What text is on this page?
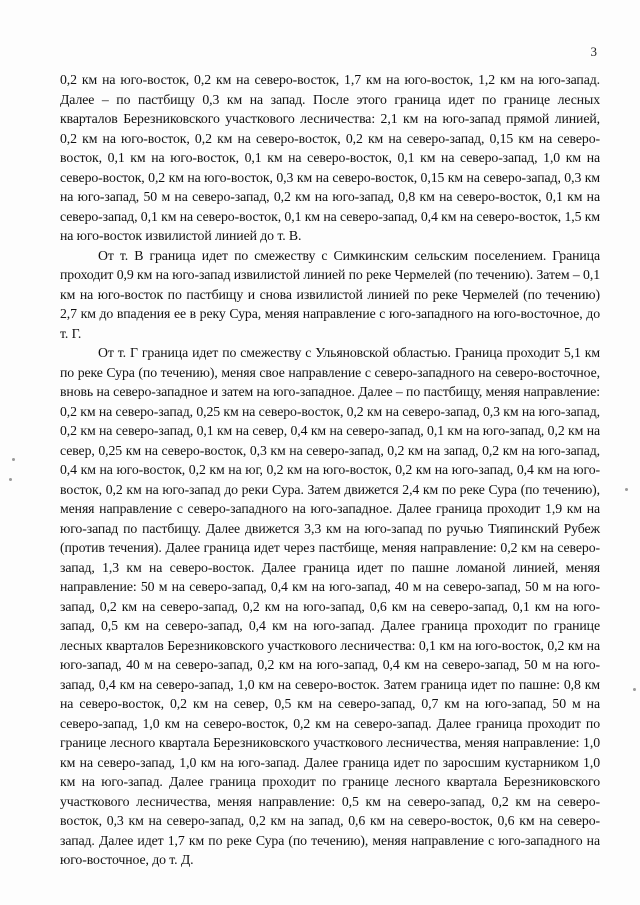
3

0,2 км на юго-восток, 0,2 км на северо-восток, 1,7 км на юго-восток, 1,2 км на юго-запад. Далее – по пастбищу 0,3 км на запад. После этого граница идет по границе лесных кварталов Березниковского участкового лесничества: 2,1 км на юго-запад прямой линией, 0,2 км на юго-восток, 0,2 км на северо-восток, 0,2 км на северо-запад, 0,15 км на северо-восток, 0,1 км на юго-восток, 0,1 км на северо-восток, 0,1 км на северо-запад, 1,0 км на северо-восток, 0,2 км на юго-восток, 0,3 км на северо-восток, 0,15 км на северо-запад, 0,3 км на юго-запад, 50 м на северо-запад, 0,2 км на юго-запад, 0,8 км на северо-восток, 0,1 км на северо-запад, 0,1 км на северо-восток, 0,1 км на северо-запад, 0,4 км на северо-восток, 1,5 км на юго-восток извилистой линией до т. В.

От т. В граница идет по смежеству с Симкинским сельским поселением. Граница проходит 0,9 км на юго-запад извилистой линией по реке Чермелей (по течению). Затем – 0,1 км на юго-восток по пастбищу и снова извилистой линией по реке Чермелей (по течению) 2,7 км до впадения ее в реку Сура, меняя направление с юго-западного на юго-восточное, до т. Г.

От т. Г граница идет по смежеству с Ульяновской областью. Граница проходит 5,1 км по реке Сура (по течению), меняя свое направление с северо-западного на северо-восточное, вновь на северо-западное и затем на юго-западное. Далее – по пастбищу, меняя направление: 0,2 км на северо-запад, 0,25 км на северо-восток, 0,2 км на северо-запад, 0,3 км на юго-запад, 0,2 км на северо-запад, 0,1 км на север, 0,4 км на северо-запад, 0,1 км на юго-запад, 0,2 км на север, 0,25 км на северо-восток, 0,3 км на северо-запад, 0,2 км на запад, 0,2 км на юго-запад, 0,4 км на юго-восток, 0,2 км на юг, 0,2 км на юго-восток, 0,2 км на юго-запад, 0,4 км на юго-восток, 0,2 км на юго-запад до реки Сура. Затем движется 2,4 км по реке Сура (по течению), меняя направление с северо-западного на юго-западное. Далее граница проходит 1,9 км на юго-запад по пастбищу. Далее движется 3,3 км на юго-запад по ручью Тияпинский Рубеж (против течения). Далее граница идет через пастбище, меняя направление: 0,2 км на северо-запад, 1,3 км на северо-восток. Далее граница идет по пашне ломаной линией, меняя направление: 50 м на северо-запад, 0,4 км на юго-запад, 40 м на северо-запад, 50 м на юго-запад, 0,2 км на северо-запад, 0,2 км на юго-запад, 0,6 км на северо-запад, 0,1 км на юго-запад, 0,5 км на северо-запад, 0,4 км на юго-запад. Далее граница проходит по границе лесных кварталов Березниковского участкового лесничества: 0,1 км на юго-восток, 0,2 км на юго-запад, 40 м на северо-запад, 0,2 км на юго-запад, 0,4 км на северо-запад, 50 м на юго-запад, 0,4 км на северо-запад, 1,0 км на северо-восток. Затем граница идет по пашне: 0,8 км на северо-восток, 0,2 км на север, 0,5 км на северо-запад, 0,7 км на юго-запад, 50 м на северо-запад, 1,0 км на северо-восток, 0,2 км на северо-запад. Далее граница проходит по границе лесного квартала Березниковского участкового лесничества, меняя направление: 1,0 км на северо-запад, 1,0 км на юго-запад. Далее граница идет по заросшим кустарником 1,0 км на юго-запад. Далее граница проходит по границе лесного квартала Березниковского участкового лесничества, меняя направление: 0,5 км на северо-запад, 0,2 км на северо-восток, 0,3 км на северо-запад, 0,2 км на запад, 0,6 км на северо-восток, 0,6 км на северо-запад. Далее идет 1,7 км по реке Сура (по течению), меняя направление с юго-западного на юго-восточное, до т. Д.
